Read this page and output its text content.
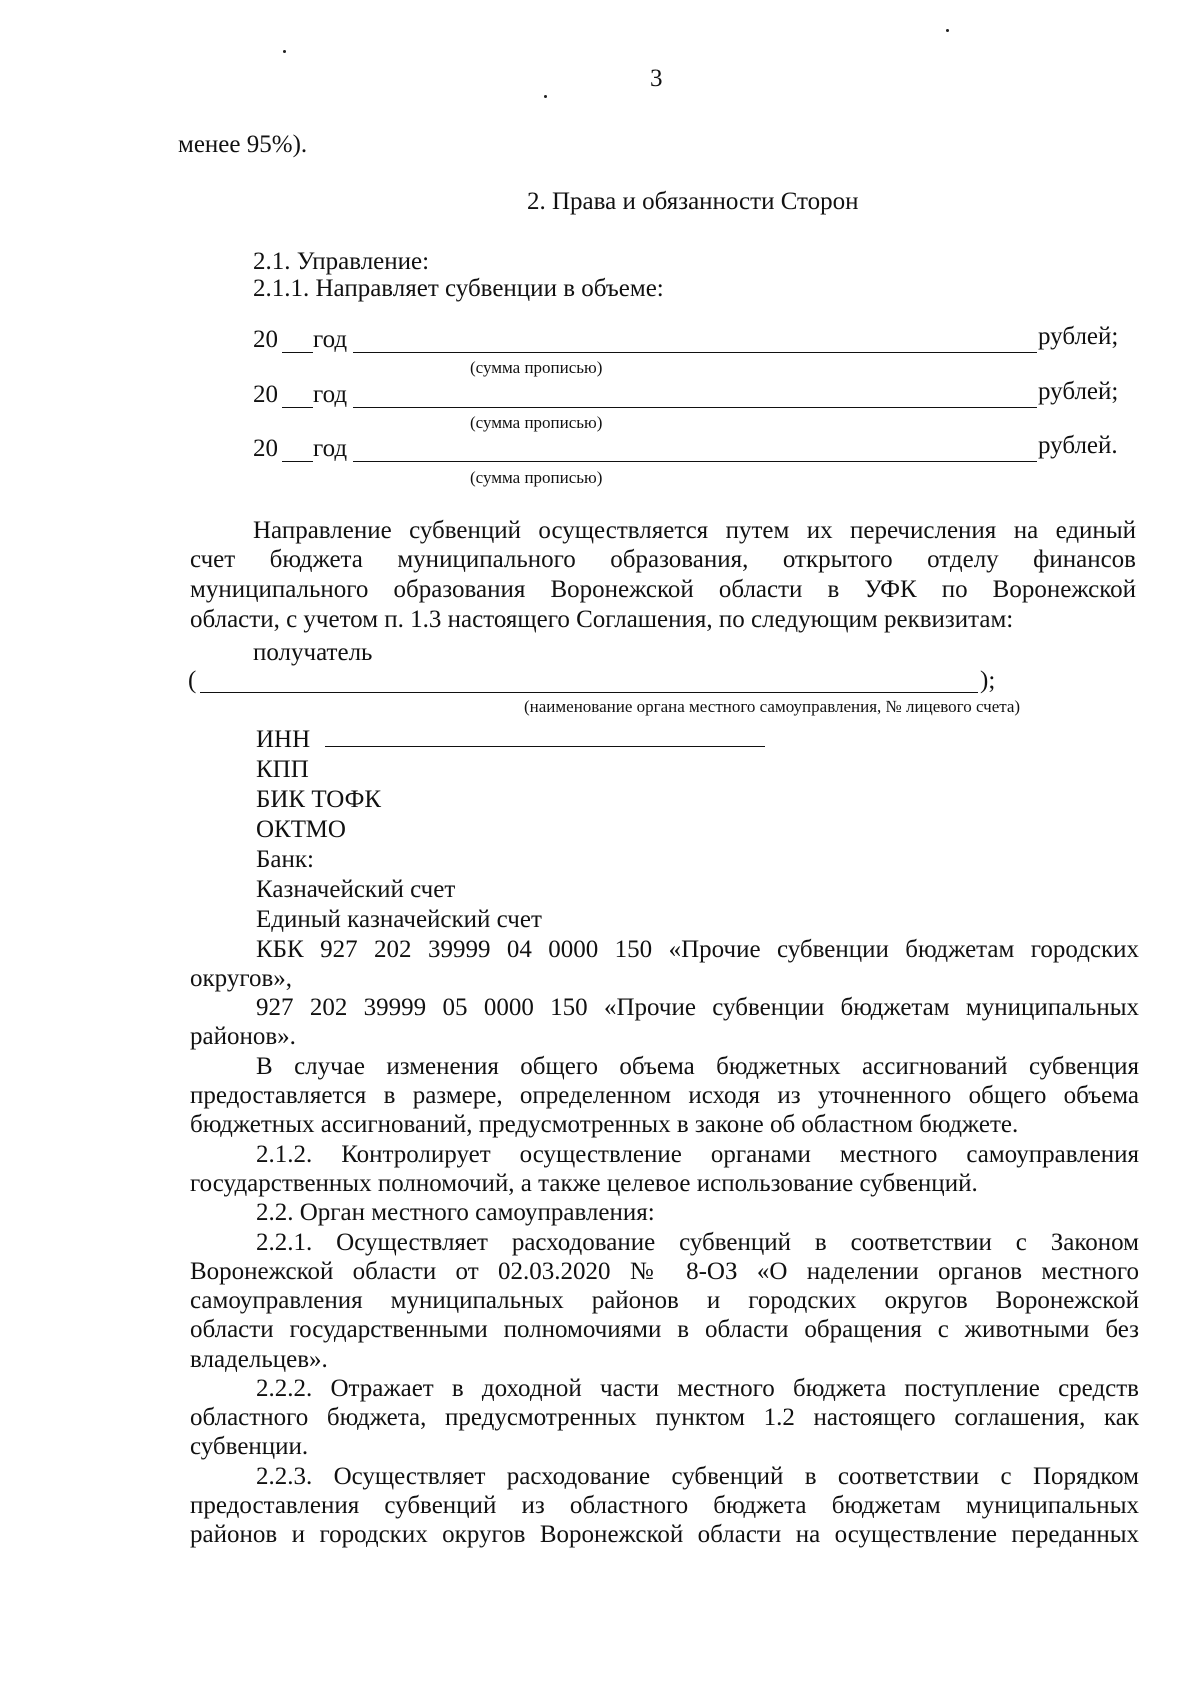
3
менее 95%).
2. Права и обязанности Сторон
2.1. Управление:
2.1.1. Направляет субвенции в объеме:
20 год	рублей;
(сумма прописью)
20 год	рублей;
(сумма прописью)
20 год	рублей.
(сумма прописью)
Направление субвенций осуществляется путем их перечисления на единый
счет бюджета муниципального образования, открытого отделу финансов
муниципального образования Воронежской области в УФК по Воронежской
области, с учетом п. 1.3 настоящего Соглашения, по следующим реквизитам:
получатель
(	);
(наименование органа местного самоуправления, № лицевого счета)
ИНН
КПП
БИК ТОФК
ОКТМО
Банк:
Казначейский счет
Единый казначейский счет
КБК 927 202 39999 04 0000 150 «Прочие субвенции бюджетам городских
округов»,
927 202 39999 05 0000 150 «Прочие субвенции бюджетам муниципальных
районов».
В случае изменения общего объема бюджетных ассигнований субвенция
предоставляется в размере, определенном исходя из уточненного общего объема
бюджетных ассигнований, предусмотренных в законе об областном бюджете.
2.1.2. Контролирует осуществление органами местного самоуправления
государственных полномочий, а также целевое использование субвенций.
2.2. Орган местного самоуправления:
2.2.1. Осуществляет расходование субвенций в соответствии с Законом
Воронежской области от 02.03.2020 № 8-ОЗ «О наделении органов местного
самоуправления муниципальных районов и городских округов Воронежской
области государственными полномочиями в области обращения с животными без
владельцев».
2.2.2. Отражает в доходной части местного бюджета поступление средств
областного бюджета, предусмотренных пунктом 1.2 настоящего соглашения, как
субвенции.
2.2.3. Осуществляет расходование субвенций в соответствии с Порядком
предоставления субвенций из областного бюджета бюджетам муниципальных
районов и городских округов Воронежской области на осуществление переданных
